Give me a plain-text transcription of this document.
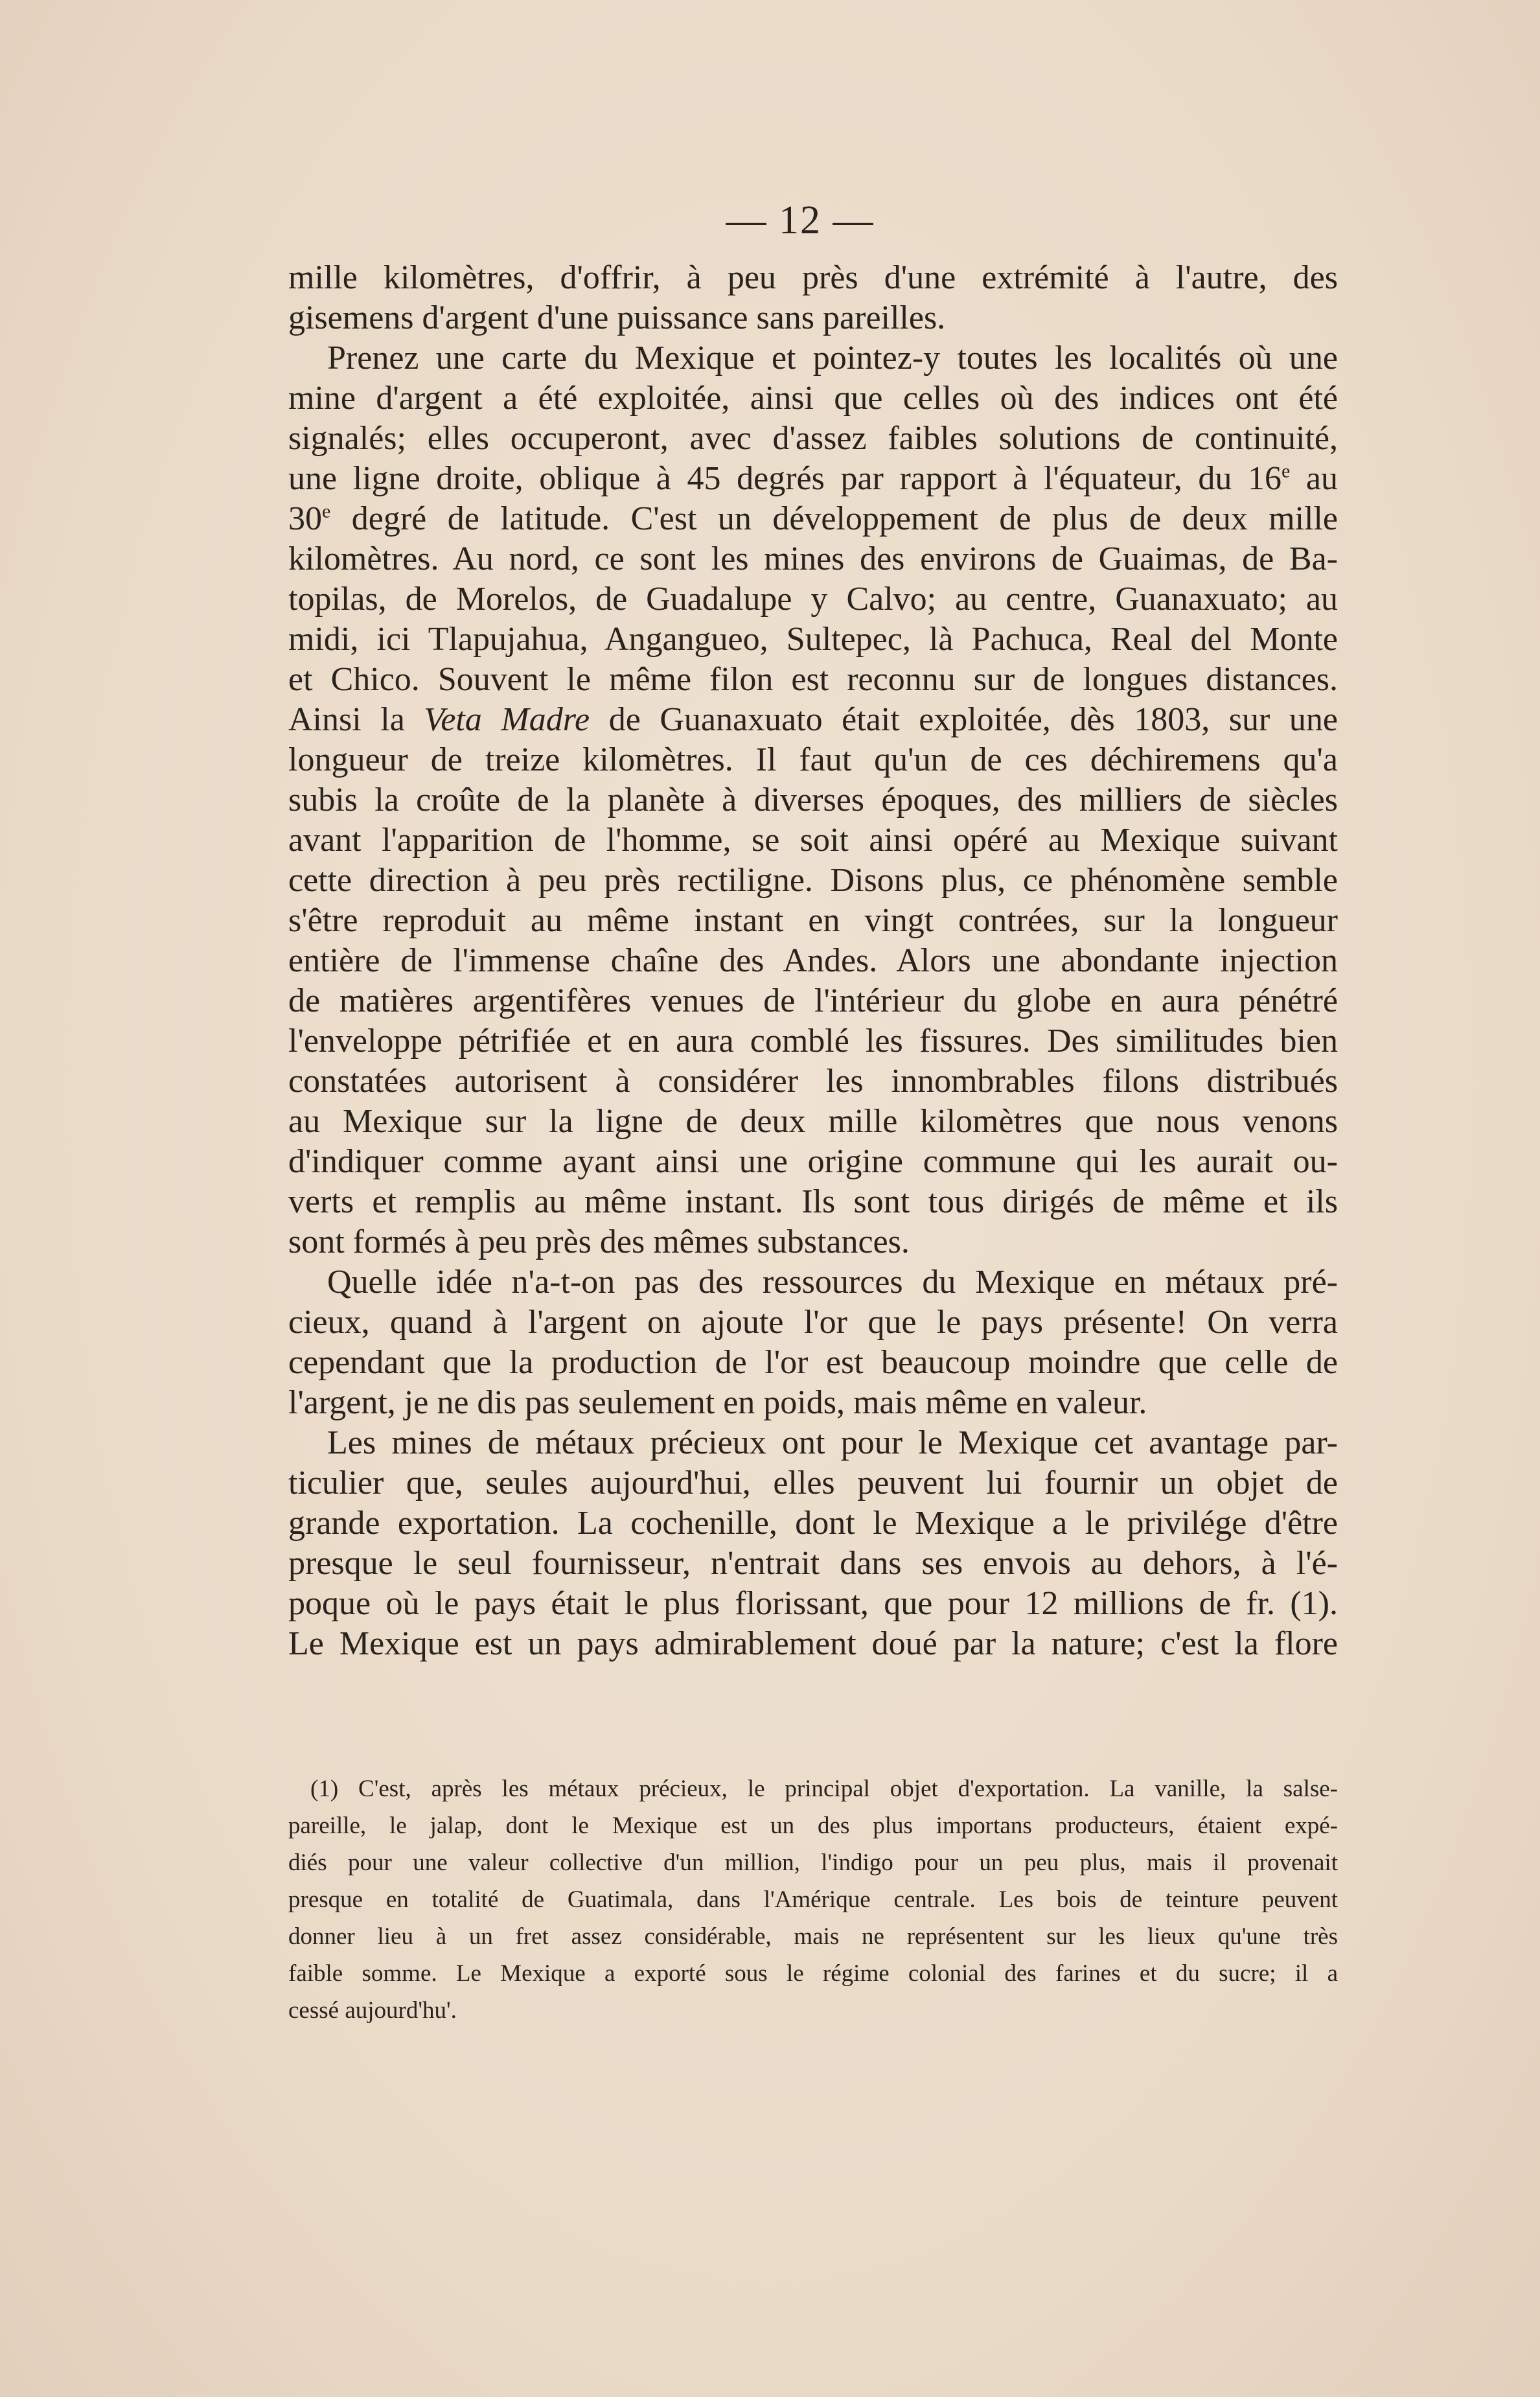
— 12 —
mille kilomètres, d'offrir, à peu près d'une extrémité à l'autre, des
gisemens d'argent d'une puissance sans pareilles.
Prenez une carte du Mexique et pointez-y toutes les localités où une
mine d'argent a été exploitée, ainsi que celles où des indices ont été
signalés; elles occuperont, avec d'assez faibles solutions de continuité,
une ligne droite, oblique à 45 degrés par rapport à l'équateur, du 16e au
30e degré de latitude. C'est un développement de plus de deux mille
kilomètres. Au nord, ce sont les mines des environs de Guaimas, de Ba-
topilas, de Morelos, de Guadalupe y Calvo; au centre, Guanaxuato; au
midi, ici Tlapujahua, Angangueo, Sultepec, là Pachuca, Real del Monte
et Chico. Souvent le même filon est reconnu sur de longues distances.
Ainsi la Veta Madre de Guanaxuato était exploitée, dès 1803, sur une
longueur de treize kilomètres. Il faut qu'un de ces déchiremens qu'a
subis la croûte de la planète à diverses époques, des milliers de siècles
avant l'apparition de l'homme, se soit ainsi opéré au Mexique suivant
cette direction à peu près rectiligne. Disons plus, ce phénomène semble
s'être reproduit au même instant en vingt contrées, sur la longueur
entière de l'immense chaîne des Andes. Alors une abondante injection
de matières argentifères venues de l'intérieur du globe en aura pénétré
l'enveloppe pétrifiée et en aura comblé les fissures. Des similitudes bien
constatées autorisent à considérer les innombrables filons distribués
au Mexique sur la ligne de deux mille kilomètres que nous venons
d'indiquer comme ayant ainsi une origine commune qui les aurait ou-
verts et remplis au même instant. Ils sont tous dirigés de même et ils
sont formés à peu près des mêmes substances.
Quelle idée n'a-t-on pas des ressources du Mexique en métaux pré-
cieux, quand à l'argent on ajoute l'or que le pays présente! On verra
cependant que la production de l'or est beaucoup moindre que celle de
l'argent, je ne dis pas seulement en poids, mais même en valeur.
Les mines de métaux précieux ont pour le Mexique cet avantage par-
ticulier que, seules aujourd'hui, elles peuvent lui fournir un objet de
grande exportation. La cochenille, dont le Mexique a le privilége d'être
presque le seul fournisseur, n'entrait dans ses envois au dehors, à l'é-
poque où le pays était le plus florissant, que pour 12 millions de fr. (1).
Le Mexique est un pays admirablement doué par la nature; c'est la flore
(1) C'est, après les métaux précieux, le principal objet d'exportation. La vanille, la salse-
pareille, le jalap, dont le Mexique est un des plus importans producteurs, étaient expé-
diés pour une valeur collective d'un million, l'indigo pour un peu plus, mais il provenait
presque en totalité de Guatimala, dans l'Amérique centrale. Les bois de teinture peuvent
donner lieu à un fret assez considérable, mais ne représentent sur les lieux qu'une très
faible somme. Le Mexique a exporté sous le régime colonial des farines et du sucre; il a
cessé aujourd'hu'.
